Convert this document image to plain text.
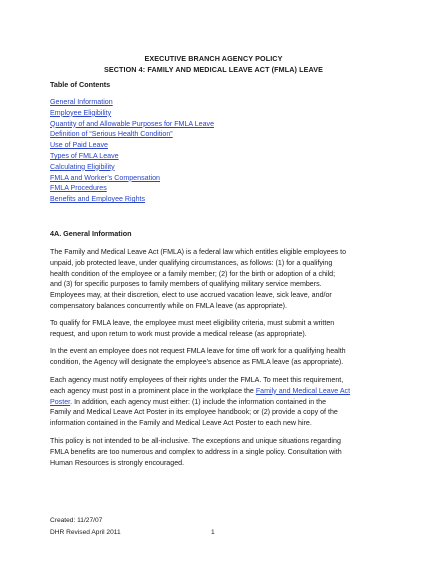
EXECUTIVE BRANCH AGENCY POLICY
SECTION 4: FAMILY AND MEDICAL LEAVE ACT (FMLA) LEAVE
Table of Contents
General Information
Employee Eligibility
Quantity of and Allowable Purposes for FMLA Leave
Definition of “Serious Health Condition”
Use of Paid Leave
Types of FMLA Leave
Calculating Eligibility
FMLA and Worker’s Compensation
FMLA Procedures
Benefits and Employee Rights
4A. General Information
The Family and Medical Leave Act (FMLA) is a federal law which entitles eligible employees to
unpaid, job protected leave, under qualifying circumstances, as follows: (1) for a qualifying
health condition of the employee or a family member; (2) for the birth or adoption of a child;
and (3) for specific purposes to family members of qualifying military service members.
Employees may, at their discretion, elect to use accrued vacation leave, sick leave, and/or
compensatory balances concurrently while on FMLA leave (as appropriate).
To qualify for FMLA leave, the employee must meet eligibility criteria, must submit a written
request, and upon return to work must provide a medical release (as appropriate).
In the event an employee does not request FMLA leave for time off work for a qualifying health
condition, the Agency will designate the employee’s absence as FMLA leave (as appropriate).
Each agency must notify employees of their rights under the FMLA. To meet this requirement,
each agency must post in a prominent place in the workplace the Family and Medical Leave Act
Poster. In addition, each agency must either: (1) include the information contained in the
Family and Medical Leave Act Poster in its employee handbook; or (2) provide a copy of the
information contained in the Family and Medical Leave Act Poster to each new hire.
This policy is not intended to be all-inclusive. The exceptions and unique situations regarding
FMLA benefits are too numerous and complex to address in a single policy. Consultation with
Human Resources is strongly encouraged.
Created: 11/27/07
DHR Revised April 2011	1
